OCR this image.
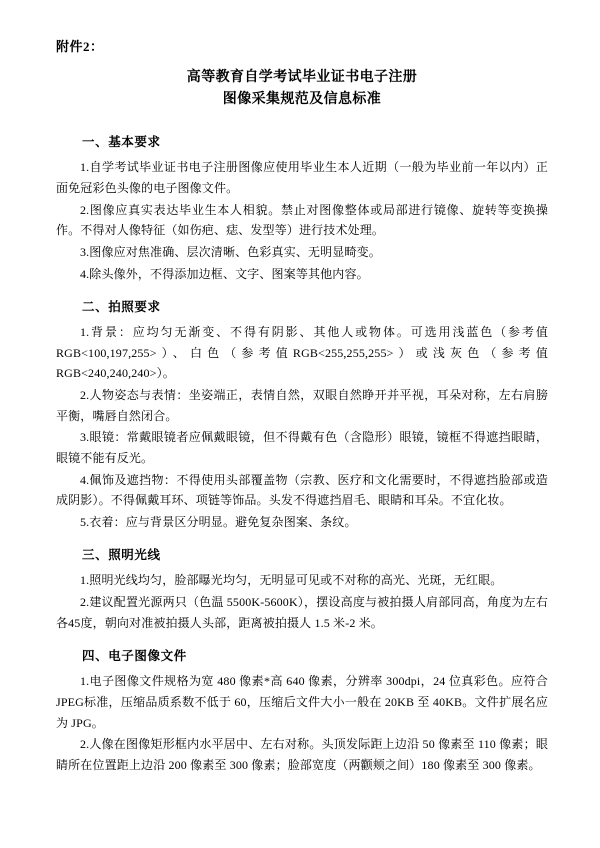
附件2：
高等教育自学考试毕业证书电子注册
图像采集规范及信息标准
一、基本要求

1.自学考试毕业证书电子注册图像应使用毕业生本人近期（一般为毕业前一年以内）正面免冠彩色头像的电子图像文件。

2.图像应真实表达毕业生本人相貌。禁止对图像整体或局部进行镜像、旋转等变换操作。不得对人像特征（如伤疤、痣、发型等）进行技术处理。

3.图像应对焦准确、层次清晰、色彩真实、无明显畸变。

4.除头像外，不得添加边框、文字、图案等其他内容。

二、拍照要求

1.背景：应均匀无渐变、不得有阴影、其他人或物体。可选用浅蓝色（参考值RGB<100,197,255>）、白色（参考值RGB<255,255,255>）或浅灰色（参考值RGB<240,240,240>）。

2.人物姿态与表情：坐姿端正，表情自然，双眼自然睁开并平视，耳朵对称，左右肩膀平衡，嘴唇自然闭合。

3.眼镜：常戴眼镜者应佩戴眼镜，但不得戴有色（含隐形）眼镜，镜框不得遮挡眼睛，眼镜不能有反光。

4.佩饰及遮挡物：不得使用头部覆盖物（宗教、医疗和文化需要时，不得遮挡脸部或造成阴影）。不得佩戴耳环、项链等饰品。头发不得遮挡眉毛、眼睛和耳朵。不宜化妆。

5.衣着：应与背景区分明显。避免复杂图案、条纹。

三、照明光线

1.照明光线均匀，脸部曝光均匀，无明显可见或不对称的高光、光斑，无红眼。

2.建议配置光源两只（色温 5500K-5600K），摆设高度与被拍摄人肩部同高，角度为左右各45度，朝向对准被拍摄人头部，距离被拍摄人 1.5 米-2 米。

四、电子图像文件

1.电子图像文件规格为宽 480 像素*高 640 像素，分辨率 300dpi，24 位真彩色。应符合 JPEG标准，压缩品质系数不低于 60，压缩后文件大小一般在 20KB 至 40KB。文件扩展名应为 JPG。

2.人像在图像矩形框内水平居中、左右对称。头顶发际距上边沿 50 像素至 110 像素；眼睛所在位置距上边沿 200 像素至 300 像素；脸部宽度（两颧颊之间）180 像素至 300 像素。
